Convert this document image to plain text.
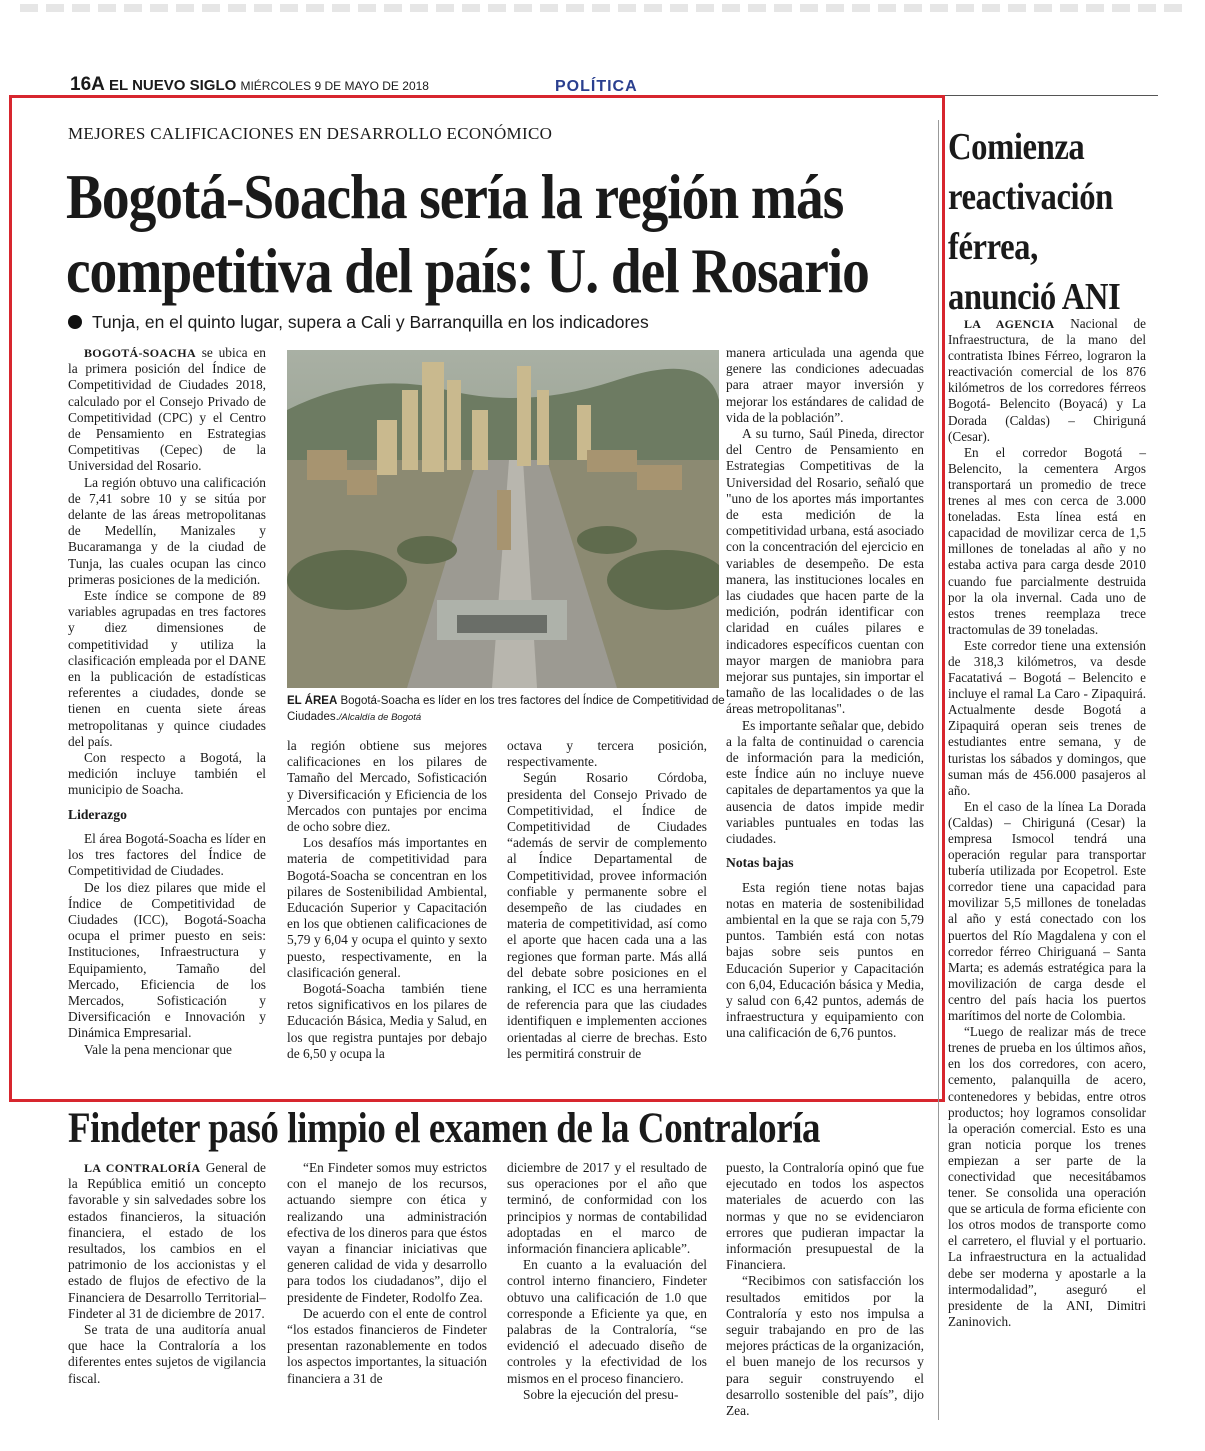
16A EL NUEVO SIGLO MIÉRCOLES 9 DE MAYO DE 2018	POLÍTICA
MEJORES CALIFICACIONES EN DESARROLLO ECONÓMICO
Bogotá-Soacha sería la región más
competitiva del país: U. del Rosario
Tunja, en el quinto lugar, supera a Cali y Barranquilla en los indicadores

BOGOTÁ-SOACHA se ubica en la primera posición del Índice de Competitividad de Ciudades 2018, calculado por el Consejo Privado de Competitividad (CPC) y el Centro de Pensamiento en Estrategias Competitivas (Cepec) de la Universidad del Rosario.

La región obtuvo una calificación de 7,41 sobre 10 y se sitúa por delante de las áreas metropolitanas de Medellín, Manizales y Bucaramanga y de la ciudad de Tunja, las cuales ocupan las cinco primeras posiciones de la medición.

Este índice se compone de 89 variables agrupadas en tres factores y diez dimensiones de competitividad y utiliza la clasificación empleada por el DANE en la publicación de estadísticas referentes a ciudades, donde se tienen en cuenta siete áreas metropolitanas y quince ciudades del país.

Con respecto a Bogotá, la medición incluye también el municipio de Soacha.

Liderazgo

El área Bogotá-Soacha es líder en los tres factores del Índice de Competitividad de Ciudades.

De los diez pilares que mide el Índice de Competitividad de Ciudades (ICC), Bogotá-Soacha ocupa el primer puesto en seis: Instituciones, Infraestructura y Equipamiento, Tamaño del Mercado, Eficiencia de los Mercados, Sofisticación y Diversificación e Innovación y Dinámica Empresarial.

Vale la pena mencionar que

EL ÁREA Bogotá-Soacha es líder en los tres factores del Índice de Competitividad de Ciudades./Alcaldía de Bogotá

la región obtiene sus mejores calificaciones en los pilares de Tamaño del Mercado, Sofisticación y Diversificación y Eficiencia de los Mercados con puntajes por encima de ocho sobre diez.

Los desafíos más importantes en materia de competitividad para Bogotá-Soacha se concentran en los pilares de Sostenibilidad Ambiental, Educación Superior y Capacitación en los que obtienen calificaciones de 5,79 y 6,04 y ocupa el quinto y sexto puesto, respectivamente, en la clasificación general.

Bogotá-Soacha también tiene retos significativos en los pilares de Educación Básica, Media y Salud, en los que registra puntajes por debajo de 6,50 y ocupa la

octava y tercera posición, respectivamente.

Según Rosario Córdoba, presidenta del Consejo Privado de Competitividad, el Índice de Competitividad de Ciudades “además de servir de complemento al Índice Departamental de Competitividad, provee información confiable y permanente sobre el desempeño de las ciudades en materia de competitividad, así como el aporte que hacen cada una a las regiones que forman parte. Más allá del debate sobre posiciones en el ranking, el ICC es una herramienta de referencia para que las ciudades identifiquen e implementen acciones orientadas al cierre de brechas. Esto les permitirá construir de

manera articulada una agenda que genere las condiciones adecuadas para atraer mayor inversión y mejorar los estándares de calidad de vida de la población”.

A su turno, Saúl Pineda, director del Centro de Pensamiento en Estrategias Competitivas de la Universidad del Rosario, señaló que "uno de los aportes más importantes de esta medición de la competitividad urbana, está asociado con la concentración del ejercicio en variables de desempeño. De esta manera, las instituciones locales en las ciudades que hacen parte de la medición, podrán identificar con claridad en cuáles pilares e indicadores específicos cuentan con mayor margen de maniobra para mejorar sus puntajes, sin importar el tamaño de las localidades o de las áreas metropolitanas".

Es importante señalar que, debido a la falta de continuidad o carencia de información para la medición, este Índice aún no incluye nueve capitales de departamentos ya que la ausencia de datos impide medir variables puntuales en todas las ciudades.

Notas bajas

Esta región tiene notas bajas notas en materia de sostenibilidad ambiental en la que se raja con 5,79 puntos. También está con notas bajas sobre seis puntos en Educación Superior y Capacitación con 6,04, Educación básica y Media, y salud con 6,42 puntos, además de infraestructura y equipamiento con una calificación de 6,76 puntos.

Comienza
reactivación
férrea,
anunció ANI

LA AGENCIA Nacional de Infraestructura, de la mano del contratista Ibines Férreo, lograron la reactivación comercial de los 876 kilómetros de los corredores férreos Bogotá- Belencito (Boyacá) y La Dorada (Caldas) – Chiriguná (Cesar).

En el corredor Bogotá – Belencito, la cementera Argos transportará un promedio de trece trenes al mes con cerca de 3.000 toneladas. Esta línea está en capacidad de movilizar cerca de 1,5 millones de toneladas al año y no estaba activa para carga desde 2010 cuando fue parcialmente destruida por la ola invernal. Cada uno de estos trenes reemplaza trece tractomulas de 39 toneladas.

Este corredor tiene una extensión de 318,3 kilómetros, va desde Facatativá – Bogotá – Belencito e incluye el ramal La Caro - Zipaquirá. Actualmente desde Bogotá a Zipaquirá operan seis trenes de estudiantes entre semana, y de turistas los sábados y domingos, que suman más de 456.000 pasajeros al año.

En el caso de la línea La Dorada (Caldas) – Chiriguná (Cesar) la empresa Ismocol tendrá una operación regular para transportar tubería utilizada por Ecopetrol. Este corredor tiene una capacidad para movilizar 5,5 millones de toneladas al año y está conectado con los puertos del Río Magdalena y con el corredor férreo Chiriguaná – Santa Marta; es además estratégica para la movilización de carga desde el centro del país hacia los puertos marítimos del norte de Colombia.

“Luego de realizar más de trece trenes de prueba en los últimos años, en los dos corredores, con acero, cemento, palanquilla de acero, contenedores y bebidas, entre otros productos; hoy logramos consolidar la operación comercial. Esto es una gran noticia porque los trenes empiezan a ser parte de la conectividad que necesitábamos tener. Se consolida una operación que se articula de forma eficiente con los otros modos de transporte como el carretero, el fluvial y el portuario. La infraestructura en la actualidad debe ser moderna y apostarle a la intermodalidad”, aseguró el presidente de la ANI, Dimitri Zaninovich.

Findeter pasó limpio el examen de la Contraloría

LA CONTRALORÍA General de la República emitió un concepto favorable y sin salvedades sobre los estados financieros, la situación financiera, el estado de los resultados, los cambios en el patrimonio de los accionistas y el estado de flujos de efectivo de la Financiera de Desarrollo Territorial– Findeter al 31 de diciembre de 2017.

Se trata de una auditoría anual que hace la Contraloría a los diferentes entes sujetos de vigilancia fiscal.

“En Findeter somos muy estrictos con el manejo de los recursos, actuando siempre con ética y realizando una administración efectiva de los dineros para que éstos vayan a financiar iniciativas que generen calidad de vida y desarrollo para todos los ciudadanos”, dijo el presidente de Findeter, Rodolfo Zea.

De acuerdo con el ente de control “los estados financieros de Findeter presentan razonablemente en todos los aspectos importantes, la situación financiera a 31 de

diciembre de 2017 y el resultado de sus operaciones por el año que terminó, de conformidad con los principios y normas de contabilidad adoptadas en el marco de información financiera aplicable”.

En cuanto a la evaluación del control interno financiero, Findeter obtuvo una calificación de 1.0 que corresponde a Eficiente ya que, en palabras de la Contraloría, “se evidenció el adecuado diseño de controles y la efectividad de los mismos en el proceso financiero.

Sobre la ejecución del presu-

puesto, la Contraloría opinó que fue ejecutado en todos los aspectos materiales de acuerdo con las normas y que no se evidenciaron errores que pudieran impactar la información presupuestal de la Financiera.

“Recibimos con satisfacción los resultados emitidos por la Contraloría y esto nos impulsa a seguir trabajando en pro de las mejores prácticas de la organización, el buen manejo de los recursos y para seguir construyendo el desarrollo sostenible del país”, dijo Zea.
